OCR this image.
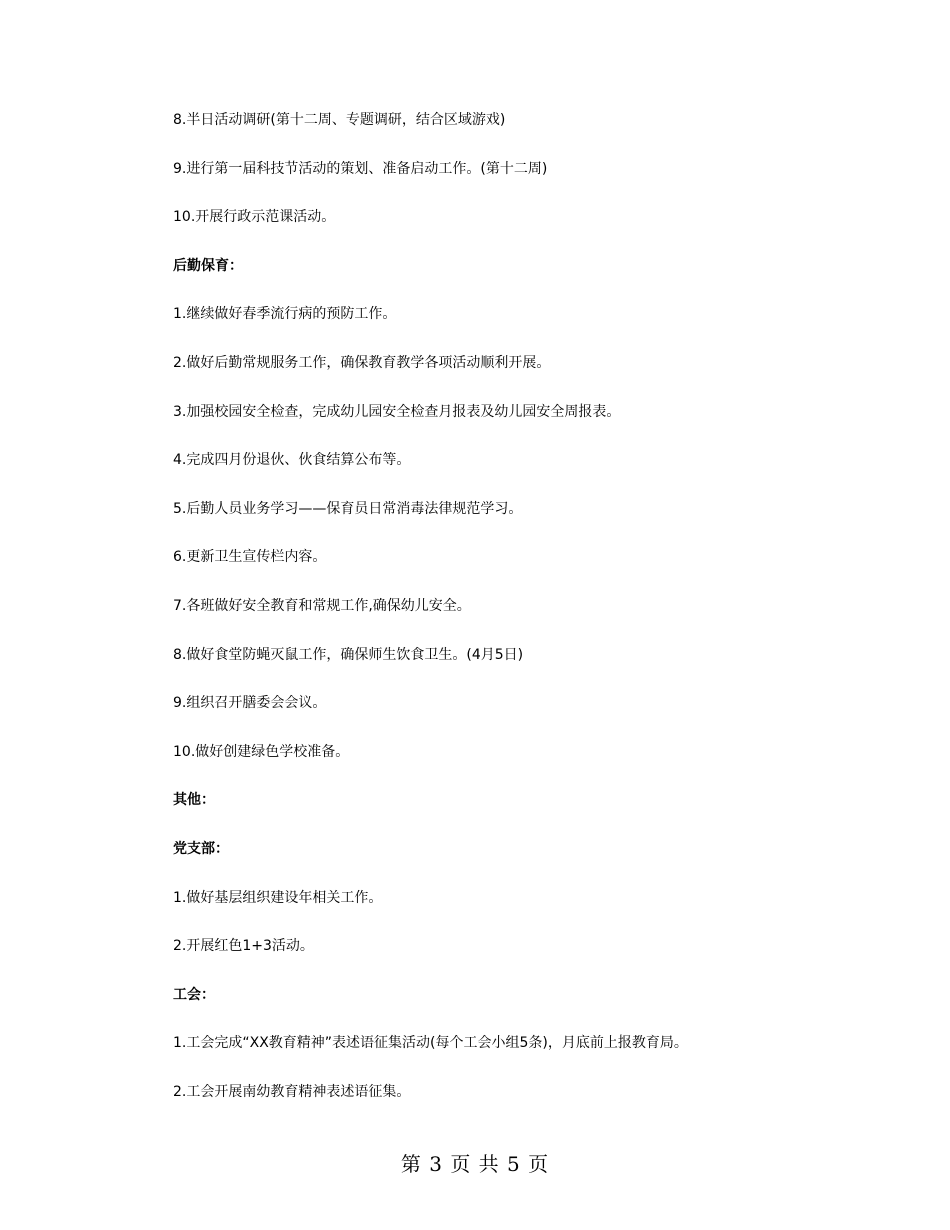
8.半日活动调研(第十二周、专题调研，结合区域游戏)
9.进行第一届科技节活动的策划、准备启动工作。(第十二周)
10.开展行政示范课活动。
后勤保育：
1.继续做好春季流行病的预防工作。
2.做好后勤常规服务工作，确保教育教学各项活动顺利开展。
3.加强校园安全检查，完成幼儿园安全检查月报表及幼儿园安全周报表。
4.完成四月份退伙、伙食结算公布等。
5.后勤人员业务学习——保育员日常消毒法律规范学习。
6.更新卫生宣传栏内容。
7.各班做好安全教育和常规工作,确保幼儿安全。
8.做好食堂防蝇灭鼠工作，确保师生饮食卫生。(4月5日)
9.组织召开膳委会会议。
10.做好创建绿色学校准备。
其他：
党支部：
1.做好基层组织建设年相关工作。
2.开展红色1+3活动。
工会：
1.工会完成“XX教育精神”表述语征集活动(每个工会小组5条)，月底前上报教育局。
2.工会开展南幼教育精神表述语征集。
第 3 页 共 5 页
